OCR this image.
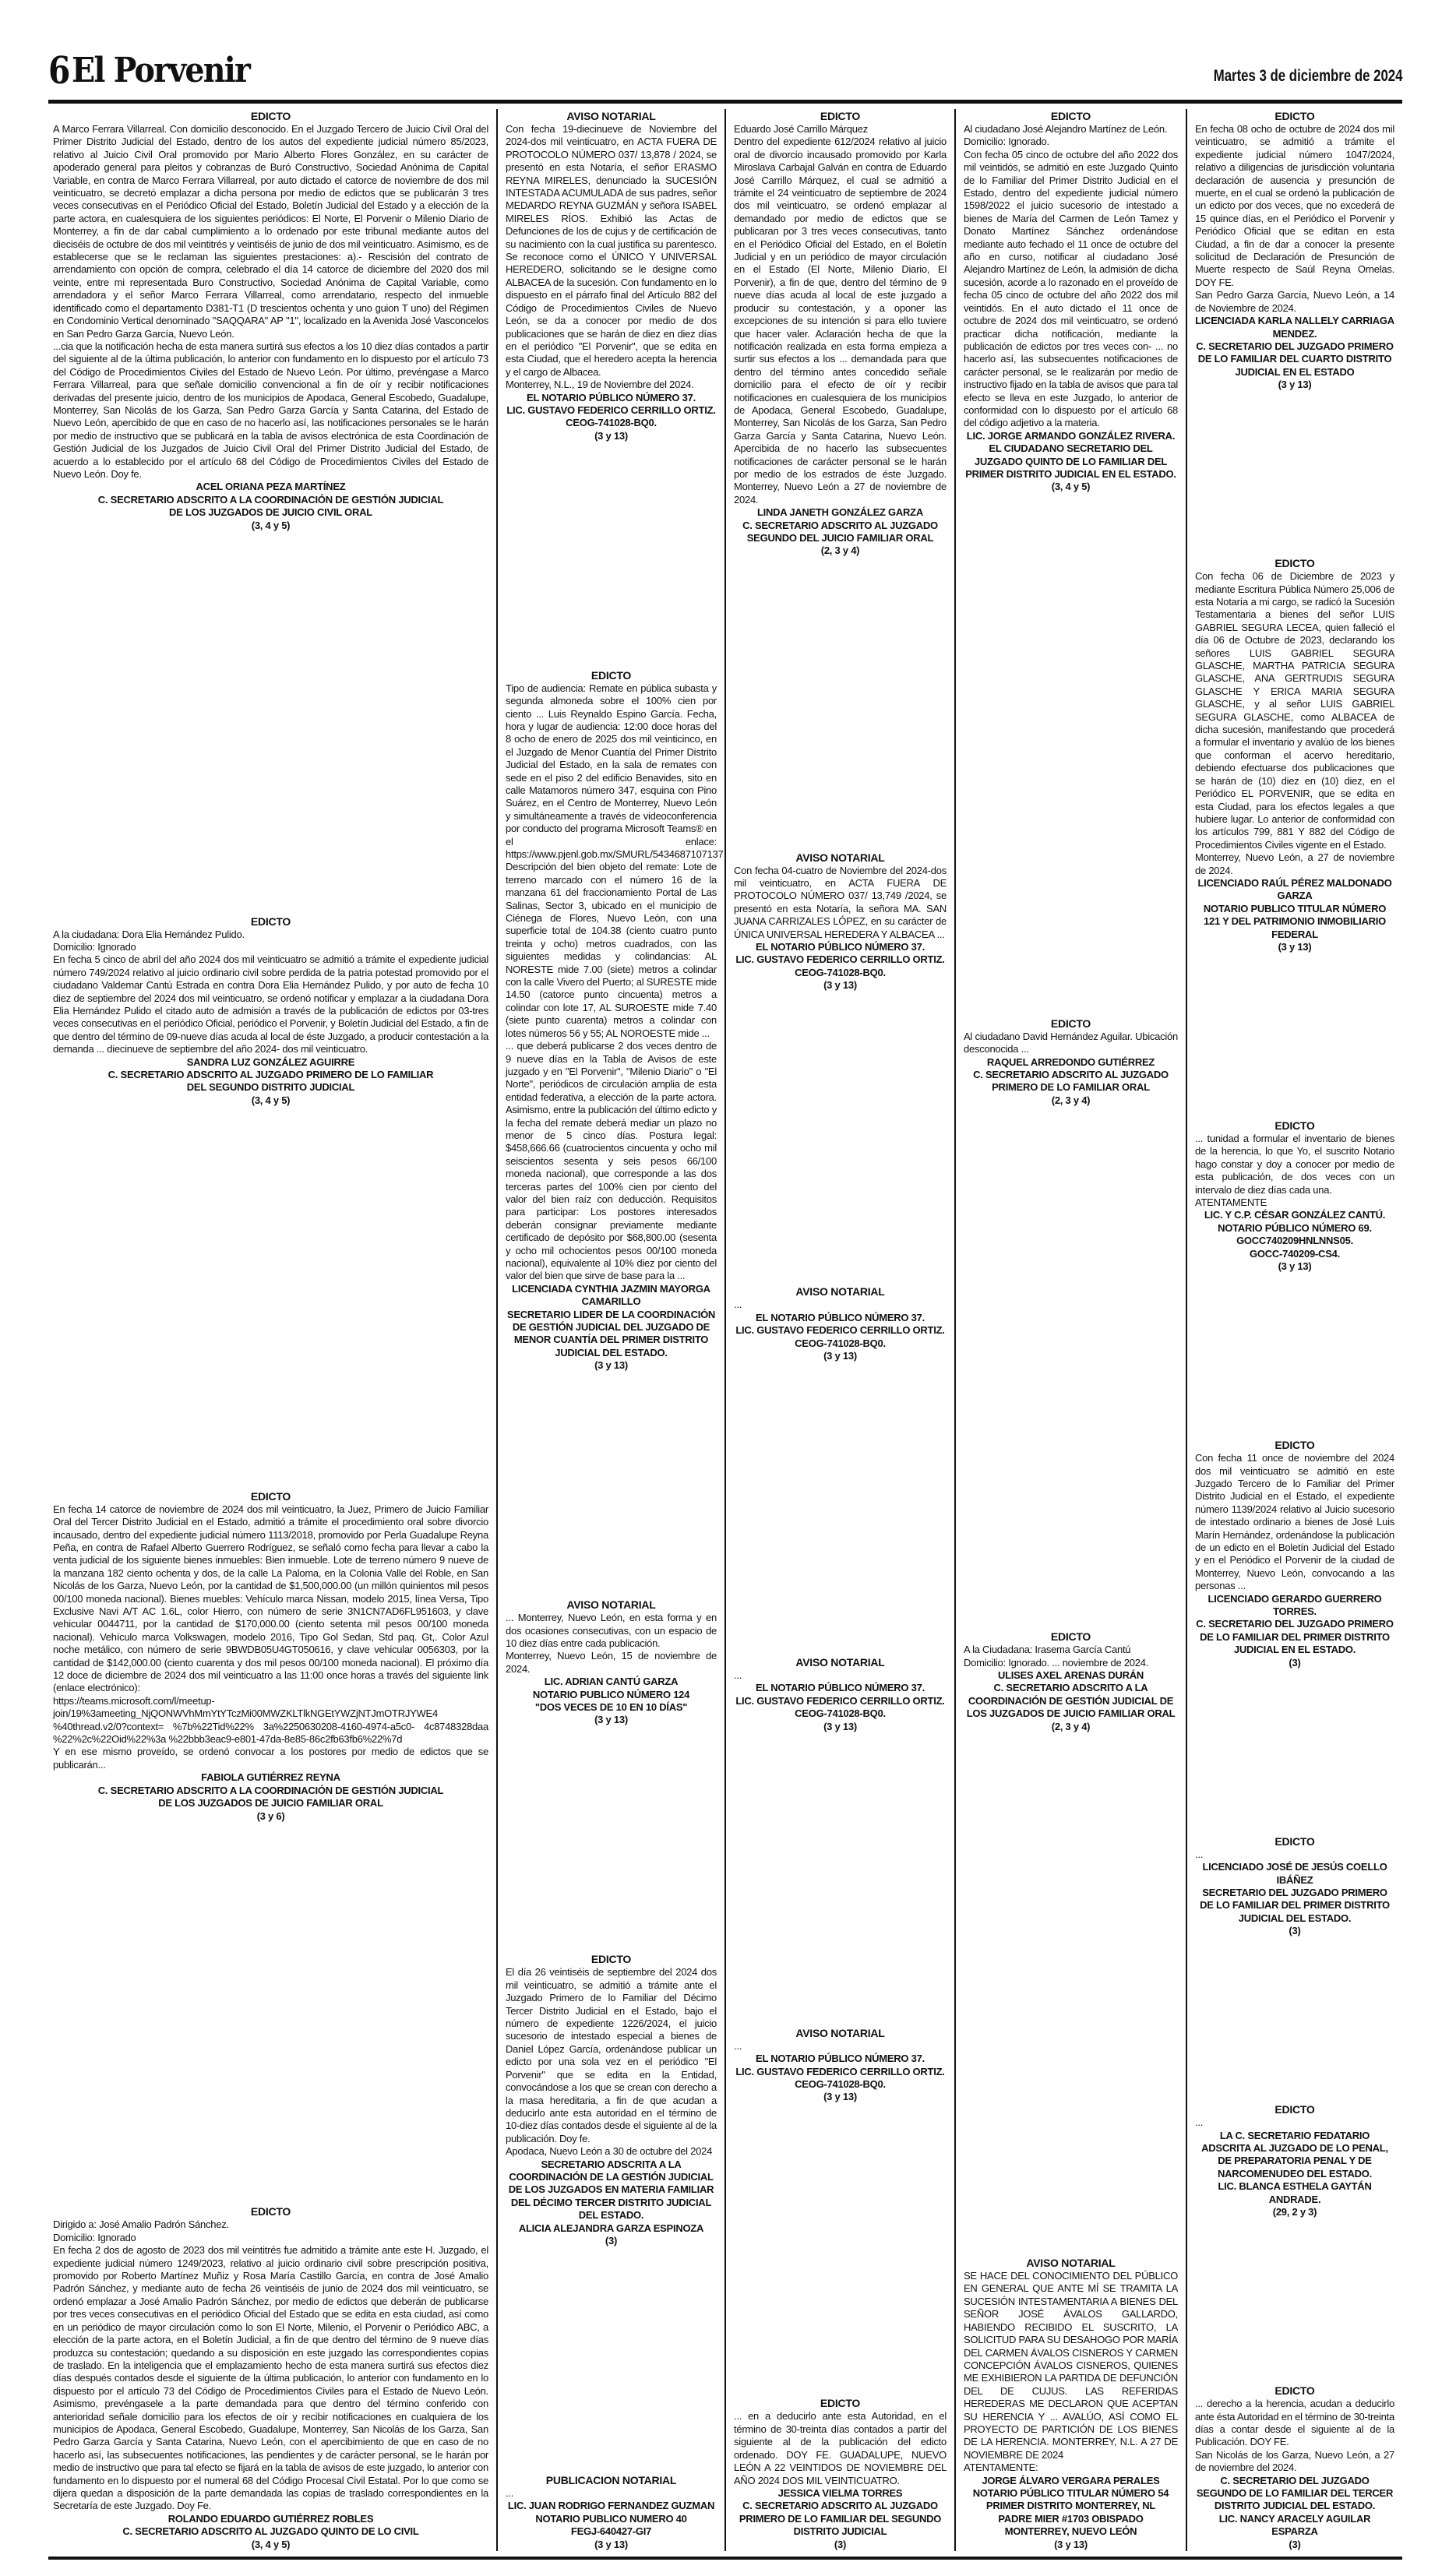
6 El Porvenir	Martes 3 de diciembre de 2024
EDICTO

A Marco Ferrara Villarreal. Con domicilio desconocido. En el Juzgado Tercero de Juicio Civil Oral del Primer Distrito Judicial del Estado, dentro de los autos del expediente judicial número 85/2023, relativo al Juicio Civil Oral promovido por Mario Alberto Flores González, en su carácter de apoderado general para pleitos y cobranzas de Buró Constructivo, Sociedad Anónima de Capital Variable, en contra de Marco Ferrara Villarreal, por auto dictado el catorce de noviembre de dos mil veinticuatro, se decretó emplazar a dicha persona por medio de edictos que se publicarán 3 tres veces consecutivas en el Periódico Oficial del Estado, Boletín Judicial del Estado y a elección de la parte actora, en cualesquiera de los siguientes periódicos: El Norte, El Porvenir o Milenio Diario de Monterrey, a fin de dar cabal cumplimiento a lo ordenado por este tribunal mediante autos del dieciséis de octubre de dos mil veintitrés y veintiséis de junio de dos mil veinticuatro. Asimismo, es de establecerse que se le reclaman las siguientes prestaciones: a).- Rescisión del contrato de arrendamiento con opción de compra, celebrado el día 14 catorce de diciembre del 2020 dos mil veinte, entre mi representada Buro Constructivo, Sociedad Anónima de Capital Variable, como arrendadora y el señor Marco Ferrara Villarreal, como arrendatario, respecto del inmueble identificado como el departamento D381-T1 (D trescientos ochenta y uno guion T uno) del Régimen en Condominio Vertical denominado "SAQQARA" AP "1", localizado en la Avenida José Vasconcelos en San Pedro Garza García, Nuevo León.

...cia que la notificación hecha de esta manera surtirá sus efectos a los 10 diez días contados a partir del siguiente al de la última publicación, lo anterior con fundamento en lo dispuesto por el artículo 73 del Código de Procedimientos Civiles del Estado de Nuevo León. Por último, prevéngase a Marco Ferrara Villarreal, para que señale domicilio convencional a fin de oír y recibir notificaciones derivadas del presente juicio, dentro de los municipios de Apodaca, General Escobedo, Guadalupe, Monterrey, San Nicolás de los Garza, San Pedro Garza García y Santa Catarina, del Estado de Nuevo León, apercibido de que en caso de no hacerlo así, las notificaciones personales se le harán por medio de instructivo que se publicará en la tabla de avisos electrónica de esta Coordinación de Gestión Judicial de los Juzgados de Juicio Civil Oral del Primer Distrito Judicial del Estado, de acuerdo a lo establecido por el artículo 68 del Código de Procedimientos Civiles del Estado de Nuevo León. Doy fe.

ACEL ORIANA PEZA MARTÍNEZ
C. SECRETARIO ADSCRITO A LA COORDINACIÓN DE GESTIÓN JUDICIAL
DE LOS JUZGADOS DE JUICIO CIVIL ORAL
(3, 4 y 5)
EDICTO

A la ciudadana: Dora Elia Hernández Pulido.

Domicilio: Ignorado

En fecha 5 cinco de abril del año 2024 dos mil veinticuatro se admitió a trámite el expediente judicial número 749/2024 relativo al juicio ordinario civil sobre perdida de la patria potestad promovido por el ciudadano Valdemar Cantú Estrada en contra Dora Elia Hernández Pulido, y por auto de fecha 10 diez de septiembre del 2024 dos mil veinticuatro, se ordenó notificar y emplazar a la ciudadana Dora Elia Hernández Pulido el citado auto de admisión a través de la publicación de edictos por 03-tres veces consecutivas en el periódico Oficial, periódico el Porvenir, y Boletín Judicial del Estado, a fin de que dentro del término de 09-nueve días acuda al local de éste Juzgado, a producir contestación a la demanda ... diecinueve de septiembre del año 2024- dos mil veinticuatro.

SANDRA LUZ GONZÁLEZ AGUIRRE
C. SECRETARIO ADSCRITO AL JUZGADO PRIMERO DE LO FAMILIAR
DEL SEGUNDO DISTRITO JUDICIAL
(3, 4 y 5)
EDICTO

En fecha 14 catorce de noviembre de 2024 dos mil veinticuatro, la Juez, Primero de Juicio Familiar Oral del Tercer Distrito Judicial en el Estado, admitió a trámite el procedimiento oral sobre divorcio incausado, dentro del expediente judicial número 1113/2018, promovido por Perla Guadalupe Reyna Peña, en contra de Rafael Alberto Guerrero Rodríguez, se señaló como fecha para llevar a cabo la venta judicial de los siguiente bienes inmuebles: Bien inmueble. Lote de terreno número 9 nueve de la manzana 182 ciento ochenta y dos, de la calle La Paloma, en la Colonia Valle del Roble, en San Nicolás de los Garza, Nuevo León, por la cantidad de $1,500,000.00 (un millón quinientos mil pesos 00/100 moneda nacional). Bienes muebles: Vehículo marca Nissan, modelo 2015, línea Versa, Tipo Exclusive Navi A/T AC 1.6L, color Hierro, con número de serie 3N1CN7AD6FL951603, y clave vehicular 0044711, por la cantidad de $170,000.00 (ciento setenta mil pesos 00/100 moneda nacional). Vehículo marca Volkswagen, modelo 2016, Tipo Gol Sedan, Std paq. Gt,. Color Azul noche metálico, con número de serie 9BWDB05U4GT050616, y clave vehicular 0056303, por la cantidad de $142,000.00 (ciento cuarenta y dos mil pesos 00/100 moneda nacional). El próximo día 12 doce de diciembre de 2024 dos mil veinticuatro a las 11:00 once horas a través del siguiente link (enlace electrónico):

https://teams.microsoft.com/l/meetup-join/19%3ameeting_NjQONWVhMmYtYTczMi00MWZKLTlkNGEtYWZjNTJmOTRJYWE4 %40thread.v2/0?context= %7b%22Tid%22% 3a%2250630208-4160-4974-a5c0- 4c8748328daa %22%2c%22Oid%22%3a %22bbb3eac9-e801-47da-8e85-86c2fb63fb6%22%7d

Y en ese mismo proveído, se ordenó convocar a los postores por medio de edictos que se publicarán...

FABIOLA GUTIÉRREZ REYNA
C. SECRETARIO ADSCRITO A LA COORDINACIÓN DE GESTIÓN JUDICIAL
DE LOS JUZGADOS DE JUICIO FAMILIAR ORAL
(3 y 6)
EDICTO

Dirigido a: José Amalio Padrón Sánchez.

Domicilio: Ignorado

En fecha 2 dos de agosto de 2023 dos mil veintitrés fue admitido a trámite ante este H. Juzgado, el expediente judicial número 1249/2023, relativo al juicio ordinario civil sobre prescripción positiva, promovido por Roberto Martínez Muñiz y Rosa María Castillo García, en contra de José Amalio Padrón Sánchez, y mediante auto de fecha 26 veintiséis de junio de 2024 dos mil veinticuatro, se ordenó emplazar a José Amalio Padrón Sánchez, por medio de edictos que deberán de publicarse por tres veces consecutivas en el periódico Oficial del Estado que se edita en esta ciudad, así como en un periódico de mayor circulación como lo son El Norte, Milenio, el Porvenir o Periódico ABC, a elección de la parte actora, en el Boletín Judicial, a fin de que dentro del término de 9 nueve días produzca su contestación; quedando a su disposición en este juzgado las correspondientes copias de traslado. En la inteligencia que el emplazamiento hecho de esta manera surtirá sus efectos diez días después contados desde el siguiente de la última publicación, lo anterior con fundamento en lo dispuesto por el artículo 73 del Código de Procedimientos Civiles para el Estado de Nuevo León. Asimismo, prevéngasele a la parte demandada para que dentro del término conferido con anterioridad señale domicilio para los efectos de oír y recibir notificaciones en cualquiera de los municipios de Apodaca, General Escobedo, Guadalupe, Monterrey, San Nicolás de los Garza, San Pedro Garza García y Santa Catarina, Nuevo León, con el apercibimiento de que en caso de no hacerlo así, las subsecuentes notificaciones, las pendientes y de carácter personal, se le harán por medio de instructivo que para tal efecto se fijará en la tabla de avisos de este juzgado, lo anterior con fundamento en lo dispuesto por el numeral 68 del Código Procesal Civil Estatal. Por lo que como se dijera quedan a disposición de la parte demandada las copias de traslado correspondientes en la Secretaría de este Juzgado. Doy Fe.

ROLANDO EDUARDO GUTIÉRREZ ROBLES
C. SECRETARIO ADSCRITO AL JUZGADO QUINTO DE LO CIVIL
(3, 4 y 5)
AVISO NOTARIAL

Con fecha 19-diecinueve de Noviembre del 2024-dos mil veinticuatro, en ACTA FUERA DE PROTOCOLO NÚMERO 037/ 13,878 / 2024, se presentó en esta Notaría, el señor ERASMO REYNA MIRELES, denunciado la SUCESIÓN INTESTADA ACUMULADA de sus padres, señor MEDARDO REYNA GUZMÁN y señora ISABEL MIRELES RÍOS. Exhibió las Actas de Defunciones de los de cujus y de certificación de su nacimiento con la cual justifica su parentesco. Se reconoce como el ÚNICO Y UNIVERSAL HEREDERO, solicitando se le designe como ALBACEA de la sucesión. Con fundamento en lo dispuesto en el párrafo final del Artículo 882 del Código de Procedimientos Civiles de Nuevo León, se da a conocer por medio de dos publicaciones que se harán de diez en diez días en el periódico "El Porvenir", que se edita en esta Ciudad, que el heredero acepta la herencia y el cargo de Albacea.

Monterrey, N.L., 19 de Noviembre del 2024.

EL NOTARIO PÚBLICO NÚMERO 37.
LIC. GUSTAVO FEDERICO CERRILLO ORTIZ.
CEOG-741028-BQ0.
(3 y 13)
EDICTO

Tipo de audiencia: Remate en pública subasta y segunda almoneda sobre el 100% cien por ciento ... Luis Reynaldo Espino García. Fecha, hora y lugar de audiencia: 12:00 doce horas del 8 ocho de enero de 2025 dos mil veinticinco, en el Juzgado de Menor Cuantía del Primer Distrito Judicial del Estado, en la sala de remates con sede en el piso 2 del edificio Benavides, sito en calle Matamoros número 347, esquina con Pino Suárez, en el Centro de Monterrey, Nuevo León y simultáneamente a través de videoconferencia por conducto del programa Microsoft Teams® en el enlace: https://www.pjenl.gob.mx/SMURL/5434687107137 Descripción del bien objeto del remate: Lote de terreno marcado con el número 16 de la manzana 61 del fraccionamiento Portal de Las Salinas, Sector 3, ubicado en el municipio de Ciénega de Flores, Nuevo León, con una superficie total de 104.38 (ciento cuatro punto treinta y ocho) metros cuadrados, con las siguientes medidas y colindancias: AL NORESTE mide 7.00 (siete) metros a colindar con la calle Vivero del Puerto; al SURESTE mide 14.50 (catorce punto cincuenta) metros a colindar con lote 17, AL SUROESTE mide 7.40 (siete punto cuarenta) metros a colindar con lotes números 56 y 55; AL NOROESTE mide ...

... que deberá publicarse 2 dos veces dentro de 9 nueve días en la Tabla de Avisos de este juzgado y en "El Porvenir", "Milenio Diario" o "El Norte", periódicos de circulación amplia de esta entidad federativa, a elección de la parte actora. Asimismo, entre la publicación del último edicto y la fecha del remate deberá mediar un plazo no menor de 5 cinco días. Postura legal: $458,666.66 (cuatrocientos cincuenta y ocho mil seiscientos sesenta y seis pesos 66/100 moneda nacional), que corresponde a las dos terceras partes del 100% cien por ciento del valor del bien raíz con deducción. Requisitos para participar: Los postores interesados deberán consignar previamente mediante certificado de depósito por $68,800.00 (sesenta y ocho mil ochocientos pesos 00/100 moneda nacional), equivalente al 10% diez por ciento del valor del bien que sirve de base para la ...

LICENCIADA CYNTHIA JAZMIN MAYORGA CAMARILLO
SECRETARIO LIDER DE LA COORDINACIÓN DE GESTIÓN JUDICIAL DEL JUZGADO DE MENOR CUANTÍA DEL PRIMER DISTRITO JUDICIAL DEL ESTADO.
(3 y 13)
AVISO NOTARIAL

... Monterrey, Nuevo León, en esta forma y en dos ocasiones consecutivas, con un espacio de 10 diez días entre cada publicación.

Monterrey, Nuevo León, 15 de noviembre de 2024.

LIC. ADRIAN CANTÚ GARZA
NOTARIO PUBLICO NÚMERO 124
"DOS VECES DE 10 EN 10 DÍAS"
(3 y 13)
EDICTO

El día 26 veintiséis de septiembre del 2024 dos mil veinticuatro, se admitió a trámite ante el Juzgado Primero de lo Familiar del Décimo Tercer Distrito Judicial en el Estado, bajo el número de expediente 1226/2024, el juicio sucesorio de intestado especial a bienes de Daniel López García, ordenándose publicar un edicto por una sola vez en el periódico "El Porvenir" que se edita en la Entidad, convocándose a los que se crean con derecho a la masa hereditaria, a fin de que acudan a deducirlo ante esta autoridad en el término de 10-diez días contados desde el siguiente al de la publicación. Doy fe.

Apodaca, Nuevo León a 30 de octubre del 2024

SECRETARIO ADSCRITA A LA COORDINACIÓN DE LA GESTIÓN JUDICIAL DE LOS JUZGADOS EN MATERIA FAMILIAR DEL DÉCIMO TERCER DISTRITO JUDICIAL DEL ESTADO.
ALICIA ALEJANDRA GARZA ESPINOZA
(3)
PUBLICACION NOTARIAL

...

LIC. JUAN RODRIGO FERNANDEZ GUZMAN
NOTARIO PUBLICO NUMERO 40
FEGJ-640427-GI7
(3 y 13)
EDICTO

Eduardo José Carrillo Márquez

Dentro del expediente 612/2024 relativo al juicio oral de divorcio incausado promovido por Karla Miroslava Carbajal Galván en contra de Eduardo José Carrillo Márquez, el cual se admitió a trámite el 24 veinticuatro de septiembre de 2024 dos mil veinticuatro, se ordenó emplazar al demandado por medio de edictos que se publicaran por 3 tres veces consecutivas, tanto en el Periódico Oficial del Estado, en el Boletín Judicial y en un periódico de mayor circulación en el Estado (El Norte, Milenio Diario, El Porvenir), a fin de que, dentro del término de 9 nueve días acuda al local de este juzgado a producir su contestación, y a oponer las excepciones de su intención si para ello tuviere que hacer valer. Aclaración hecha de que la notificación realizada en esta forma empieza a surtir sus efectos a los ... demandada para que dentro del término antes concedido señale domicilio para el efecto de oír y recibir notificaciones en cualesquiera de los municipios de Apodaca, General Escobedo, Guadalupe, Monterrey, San Nicolás de los Garza, San Pedro Garza García y Santa Catarina, Nuevo León. Apercibida de no hacerlo las subsecuentes notificaciones de carácter personal se le harán por medio de los estrados de éste Juzgado. Monterrey, Nuevo León a 27 de noviembre de 2024.

LINDA JANETH GONZÁLEZ GARZA
C. SECRETARIO ADSCRITO AL JUZGADO
SEGUNDO DEL JUICIO FAMILIAR ORAL
(2, 3 y 4)
AVISO NOTARIAL

Con fecha 04-cuatro de Noviembre del 2024-dos mil veinticuatro, en ACTA FUERA DE PROTOCOLO NÚMERO 037/ 13,749 /2024, se presentó en esta Notaría, la señora MA. SAN JUANA CARRIZALES LÓPEZ, en su carácter de ÚNICA UNIVERSAL HEREDERA Y ALBACEA ...

EL NOTARIO PÚBLICO NÚMERO 37.
LIC. GUSTAVO FEDERICO CERRILLO ORTIZ.
CEOG-741028-BQ0.
(3 y 13)
AVISO NOTARIAL

...

EL NOTARIO PÚBLICO NÚMERO 37.
LIC. GUSTAVO FEDERICO CERRILLO ORTIZ.
CEOG-741028-BQ0.
(3 y 13)
AVISO NOTARIAL

...

EL NOTARIO PÚBLICO NÚMERO 37.
LIC. GUSTAVO FEDERICO CERRILLO ORTIZ.
CEOG-741028-BQ0.
(3 y 13)
AVISO NOTARIAL

...

EL NOTARIO PÚBLICO NÚMERO 37.
LIC. GUSTAVO FEDERICO CERRILLO ORTIZ.
CEOG-741028-BQ0.
(3 y 13)
EDICTO

... en a deducirlo ante esta Autoridad, en el término de 30-treinta días contados a partir del siguiente al de la publicación del edicto ordenado. DOY FE. GUADALUPE, NUEVO LEÓN A 22 VEINTIDOS DE NOVIEMBRE DEL AÑO 2024 DOS MIL VEINTICUATRO.

JESSICA VIELMA TORRES
C. SECRETARIO ADSCRITO AL JUZGADO
PRIMERO DE LO FAMILIAR DEL SEGUNDO
DISTRITO JUDICIAL
(3)
EDICTO

Al ciudadano José Alejandro Martínez de León.

Domicilio: Ignorado.

Con fecha 05 cinco de octubre del año 2022 dos mil veintidós, se admitió en este Juzgado Quinto de lo Familiar del Primer Distrito Judicial en el Estado, dentro del expediente judicial número 1598/2022 el juicio sucesorio de intestado a bienes de María del Carmen de León Tamez y Donato Martínez Sánchez ordenándose mediante auto fechado el 11 once de octubre del año en curso, notificar al ciudadano José Alejandro Martínez de León, la admisión de dicha sucesión, acorde a lo razonado en el proveído de fecha 05 cinco de octubre del año 2022 dos mil veintidós. En el auto dictado el 11 once de octubre de 2024 dos mil veinticuatro, se ordenó practicar dicha notificación, mediante la publicación de edictos por tres veces con- ... no hacerlo así, las subsecuentes notificaciones de carácter personal, se le realizarán por medio de instructivo fijado en la tabla de avisos que para tal efecto se lleva en este Juzgado, lo anterior de conformidad con lo dispuesto por el artículo 68 del código adjetivo a la materia.

LIC. JORGE ARMANDO GONZÁLEZ RIVERA.
EL CIUDADANO SECRETARIO DEL JUZGADO QUINTO DE LO FAMILIAR DEL PRIMER DISTRITO JUDICIAL EN EL ESTADO.
(3, 4 y 5)
EDICTO

Al ciudadano David Hernández Aguilar. Ubicación desconocida ...

RAQUEL ARREDONDO GUTIÉRREZ
C. SECRETARIO ADSCRITO AL JUZGADO PRIMERO DE LO FAMILIAR ORAL
(2, 3 y 4)
EDICTO

A la Ciudadana: Irasema García Cantú

Domicilio: Ignorado. ... noviembre de 2024.

ULISES AXEL ARENAS DURÁN
C. SECRETARIO ADSCRITO A LA COORDINACIÓN DE GESTIÓN JUDICIAL DE LOS JUZGADOS DE JUICIO FAMILIAR ORAL
(2, 3 y 4)
AVISO NOTARIAL

SE HACE DEL CONOCIMIENTO DEL PÚBLICO EN GENERAL QUE ANTE MÍ SE TRAMITA LA SUCESIÓN INTESTAMENTARIA A BIENES DEL SEÑOR JOSÉ ÁVALOS GALLARDO, HABIENDO RECIBIDO EL SUSCRITO, LA SOLICITUD PARA SU DESAHOGO POR MARÍA DEL CARMEN ÁVALOS CISNEROS Y CARMEN CONCEPCIÓN ÁVALOS CISNEROS, QUIENES ME EXHIBIERON LA PARTIDA DE DEFUNCIÓN DEL DE CUJUS. LAS REFERIDAS HEREDERAS ME DECLARON QUE ACEPTAN SU HERENCIA Y ... AVALÚO, ASÍ COMO EL PROYECTO DE PARTICIÓN DE LOS BIENES DE LA HERENCIA. MONTERREY, N.L. A 27 DE NOVIEMBRE DE 2024

ATENTAMENTE:

JORGE ÁLVARO VERGARA PERALES
NOTARIO PÚBLICO TITULAR NÚMERO 54
PRIMER DISTRITO MONTERREY, NL
PADRE MIER #1703 OBISPADO
MONTERREY, NUEVO LEÓN
(3 y 13)
EDICTO

En fecha 08 ocho de octubre de 2024 dos mil veinticuatro, se admitió a trámite el expediente judicial número 1047/2024, relativo a diligencias de jurisdicción voluntaria declaración de ausencia y presunción de muerte, en el cual se ordenó la publicación de un edicto por dos veces, que no excederá de 15 quince días, en el Periódico el Porvenir y Periódico Oficial que se editan en esta Ciudad, a fin de dar a conocer la presente solicitud de Declaración de Presunción de Muerte respecto de Saúl Reyna Ornelas. DOY FE.

San Pedro Garza García, Nuevo León, a 14 de Noviembre de 2024.

LICENCIADA KARLA NALLELY CARRIAGA MENDEZ.
C. SECRETARIO DEL JUZGADO PRIMERO DE LO FAMILIAR DEL CUARTO DISTRITO JUDICIAL EN EL ESTADO
(3 y 13)
EDICTO

Con fecha 06 de Diciembre de 2023 y mediante Escritura Pública Número 25,006 de esta Notaría a mi cargo, se radicó la Sucesión Testamentaria a bienes del señor LUIS GABRIEL SEGURA LECEA, quien falleció el día 06 de Octubre de 2023, declarando los señores LUIS GABRIEL SEGURA GLASCHE, MARTHA PATRICIA SEGURA GLASCHE, ANA GERTRUDIS SEGURA GLASCHE Y ERICA MARIA SEGURA GLASCHE, y al señor LUIS GABRIEL SEGURA GLASCHE, como ALBACEA de dicha sucesión, manifestando que procederá a formular el inventario y avalúo de los bienes que conforman el acervo hereditario, debiendo efectuarse dos publicaciones que se harán de (10) diez en (10) diez, en el Periódico EL PORVENIR, que se edita en esta Ciudad, para los efectos legales a que hubiere lugar. Lo anterior de conformidad con los artículos 799, 881 Y 882 del Código de Procedimientos Civiles vigente en el Estado.

Monterrey, Nuevo León, a 27 de noviembre de 2024.

LICENCIADO RAÚL PÉREZ MALDONADO GARZA
NOTARIO PUBLICO TITULAR NÚMERO 121 Y DEL PATRIMONIO INMOBILIARIO FEDERAL
(3 y 13)
EDICTO

... tunidad a formular el inventario de bienes de la herencia, lo que Yo, el suscrito Notario hago constar y doy a conocer por medio de esta publicación, de dos veces con un intervalo de diez días cada una.

ATENTAMENTE

LIC. Y C.P. CÉSAR GONZÁLEZ CANTÚ.
NOTARIO PÚBLICO NÚMERO 69.
GOCC740209HNLNNS05.
GOCC-740209-CS4.
(3 y 13)
EDICTO

Con fecha 11 once de noviembre del 2024 dos mil veinticuatro se admitió en este Juzgado Tercero de lo Familiar del Primer Distrito Judicial en el Estado, el expediente número 1139/2024 relativo al Juicio sucesorio de intestado ordinario a bienes de José Luis Marín Hernández, ordenándose la publicación de un edicto en el Boletín Judicial del Estado y en el Periódico el Porvenir de la ciudad de Monterrey, Nuevo León, convocando a las personas ...

LICENCIADO GERARDO GUERRERO TORRES.
C. SECRETARIO DEL JUZGADO PRIMERO DE LO FAMILIAR DEL PRIMER DISTRITO JUDICIAL EN EL ESTADO.
(3)
EDICTO

...

LICENCIADO JOSÉ DE JESÚS COELLO IBÁÑEZ
SECRETARIO DEL JUZGADO PRIMERO DE LO FAMILIAR DEL PRIMER DISTRITO JUDICIAL DEL ESTADO.
(3)
EDICTO

...

LA C. SECRETARIO FEDATARIO ADSCRITA AL JUZGADO DE LO PENAL, DE PREPARATORIA PENAL Y DE NARCOMENUDEO DEL ESTADO.
LIC. BLANCA ESTHELA GAYTÁN ANDRADE.
(29, 2 y 3)
EDICTO

... derecho a la herencia, acudan a deducirlo ante ésta Autoridad en el término de 30-treinta días a contar desde el siguiente al de la Publicación. DOY FE.

San Nicolás de los Garza, Nuevo León, a 27 de noviembre del 2024.

C. SECRETARIO DEL JUZGADO SEGUNDO DE LO FAMILIAR DEL TERCER DISTRITO JUDICIAL DEL ESTADO.
LIC. NANCY ARACELY AGUILAR ESPARZA
(3)
